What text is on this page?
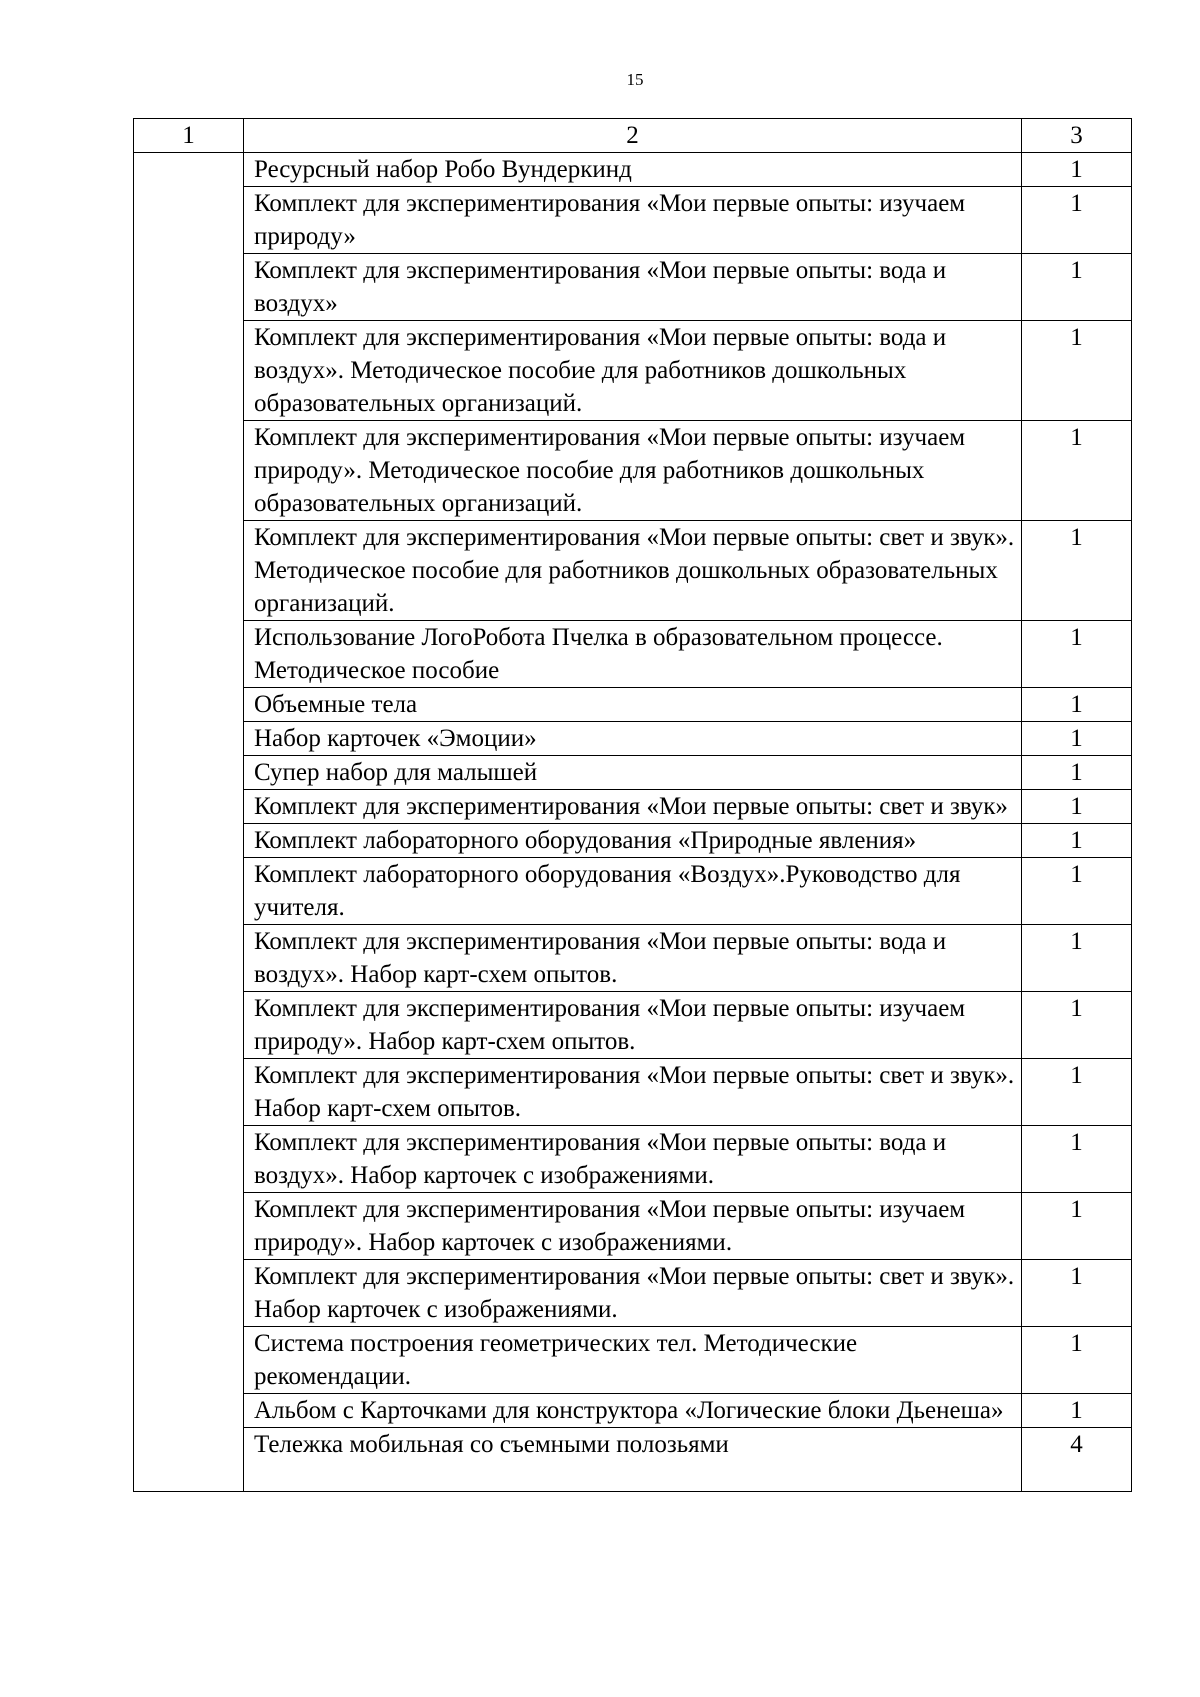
15
1	2	3
	Ресурсный набор Робо Вундеркинд	1
	Комплект для экспериментирования «Мои первые опыты: изучаем природу»	1
	Комплект для экспериментирования «Мои первые опыты: вода и воздух»	1
	Комплект для экспериментирования «Мои первые опыты: вода и воздух». Методическое пособие для работников дошкольных образовательных организаций.	1
	Комплект для экспериментирования «Мои первые опыты: изучаем природу». Методическое пособие для работников дошкольных образовательных организаций.	1
	Комплект для экспериментирования «Мои первые опыты: свет и звук». Методическое пособие для работников дошкольных образовательных организаций.	1
	Использование ЛогоРобота Пчелка в образовательном процессе. Методическое пособие	1
	Объемные тела	1
	Набор карточек «Эмоции»	1
	Супер набор для малышей	1
	Комплект для экспериментирования «Мои первые опыты: свет и звук»	1
	Комплект лабораторного оборудования «Природные явления»	1
	Комплект лабораторного оборудования «Воздух».Руководство для учителя.	1
	Комплект для экспериментирования «Мои первые опыты: вода и воздух». Набор карт-схем опытов.	1
	Комплект для экспериментирования «Мои первые опыты: изучаем природу». Набор карт-схем опытов.	1
	Комплект для экспериментирования «Мои первые опыты: свет и звук». Набор карт-схем опытов.	1
	Комплект для экспериментирования «Мои первые опыты: вода и воздух». Набор карточек с изображениями.	1
	Комплект для экспериментирования «Мои первые опыты: изучаем природу». Набор карточек с изображениями.	1
	Комплект для экспериментирования «Мои первые опыты: свет и звук». Набор карточек с изображениями.	1
	Система построения геометрических тел. Методические рекомендации.	1
	Альбом с Карточками для конструктора «Логические блоки Дьенеша»	1
	Тележка мобильная со съемными полозьями	4
